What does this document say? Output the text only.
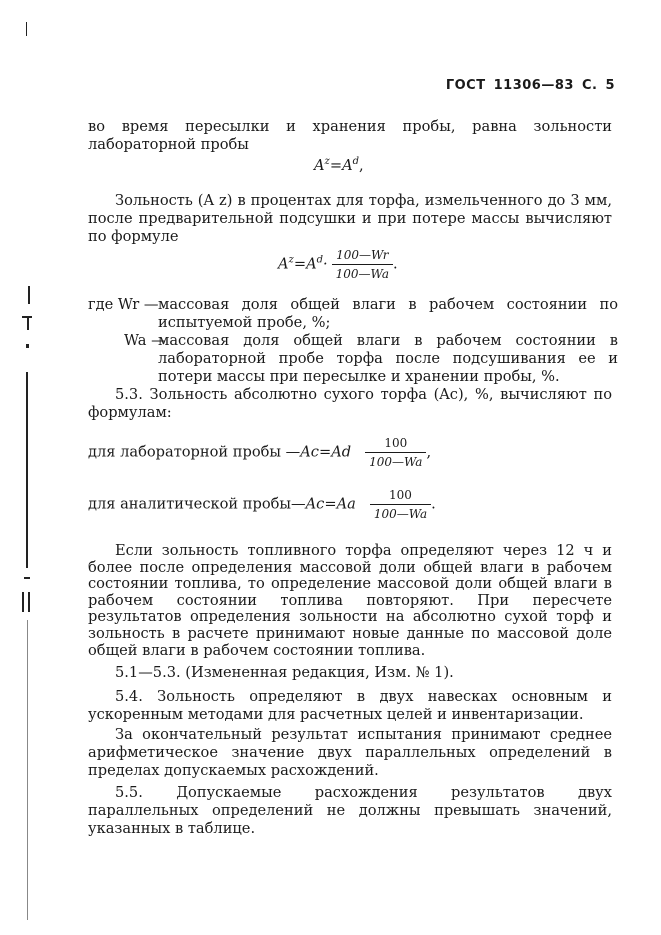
ГОСТ 11306—83 С. 5
во время пересылки и хранения пробы, равна зольности лабораторной пробы
$A^z=A^d$,
Зольность (A z) в процентах для торфа, измельченного до 3 мм, после предварительной подсушки и при потере массы вычисляют по формуле
$A^z=A^d\cdot \frac{100—Wr}{100—Wa}$ .
где Wr — массовая доля общей влаги в рабочем состоянии по испытуемой пробе, %;
Wa —
массовая доля общей влаги в рабочем состоянии в лабораторной пробе торфа после подсушивания ее и потери массы при пересылке и хранении пробы, %.
5.3. Зольность абсолютно сухого торфа (Ac), %, вычисляют по формулам:
для лабораторной пробы —Ac=Ad $\frac{100}{100—Wa}$ ,
для аналитической пробы—Ac=Aa $\frac{100}{100—Wa}$ .
Если зольность топливного торфа определяют через 12 ч и более после определения массовой доли общей влаги в рабочем состоянии топлива, то определение массовой доли общей влаги в рабочем состоянии топлива повторяют. При пересчете результатов определения зольности на абсолютно сухой торф и зольность в расчете принимают новые данные по массовой доле общей влаги в рабочем состоянии топлива.
5.1—5.3. (Измененная редакция, Изм. № 1).
5.4. Зольность определяют в двух навесках основным и ускоренным методами для расчетных целей и инвентаризации.
За окончательный результат испытания принимают среднее арифметическое значение двух параллельных определений в пределах допускаемых расхождений.
5.5. Допускаемые расхождения результатов двух параллельных определений не должны превышать значений, указанных в таблице.
